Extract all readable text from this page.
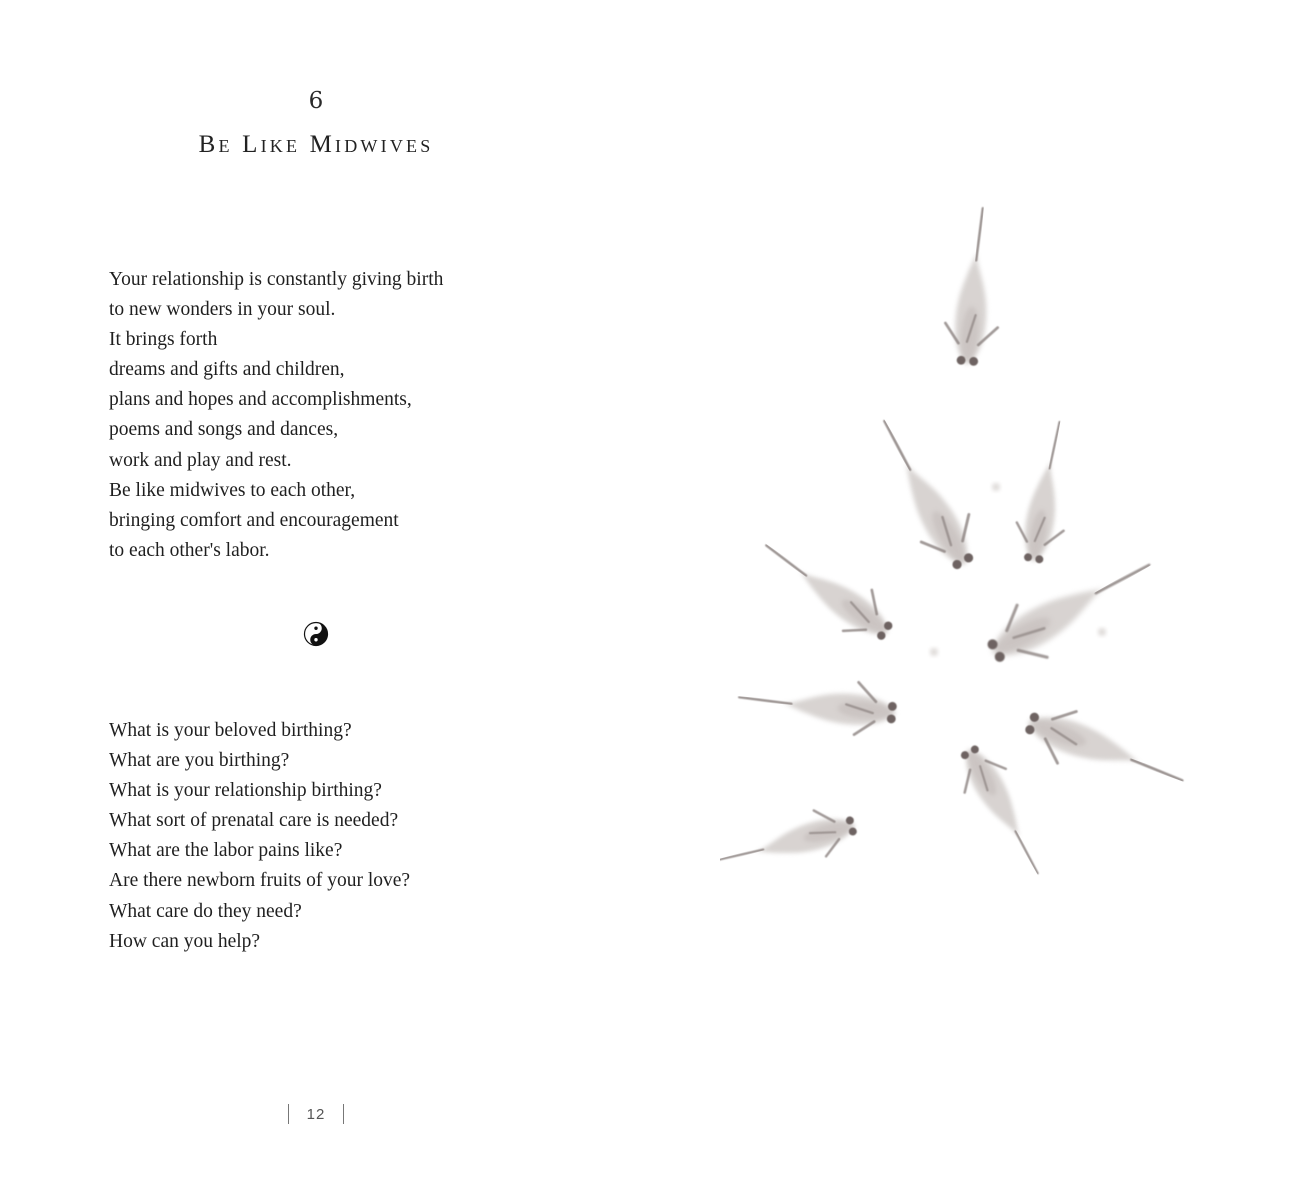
6
Be Like Midwives
Your relationship is constantly giving birth
to new wonders in your soul.
It brings forth
dreams and gifts and children,
plans and hopes and accomplishments,
poems and songs and dances,
work and play and rest.
Be like midwives to each other,
bringing comfort and encouragement
to each other's labor.
What is your beloved birthing?
What are you birthing?
What is your relationship birthing?
What sort of prenatal care is needed?
What are the labor pains like?
Are there newborn fruits of your love?
What care do they need?
How can you help?
12
